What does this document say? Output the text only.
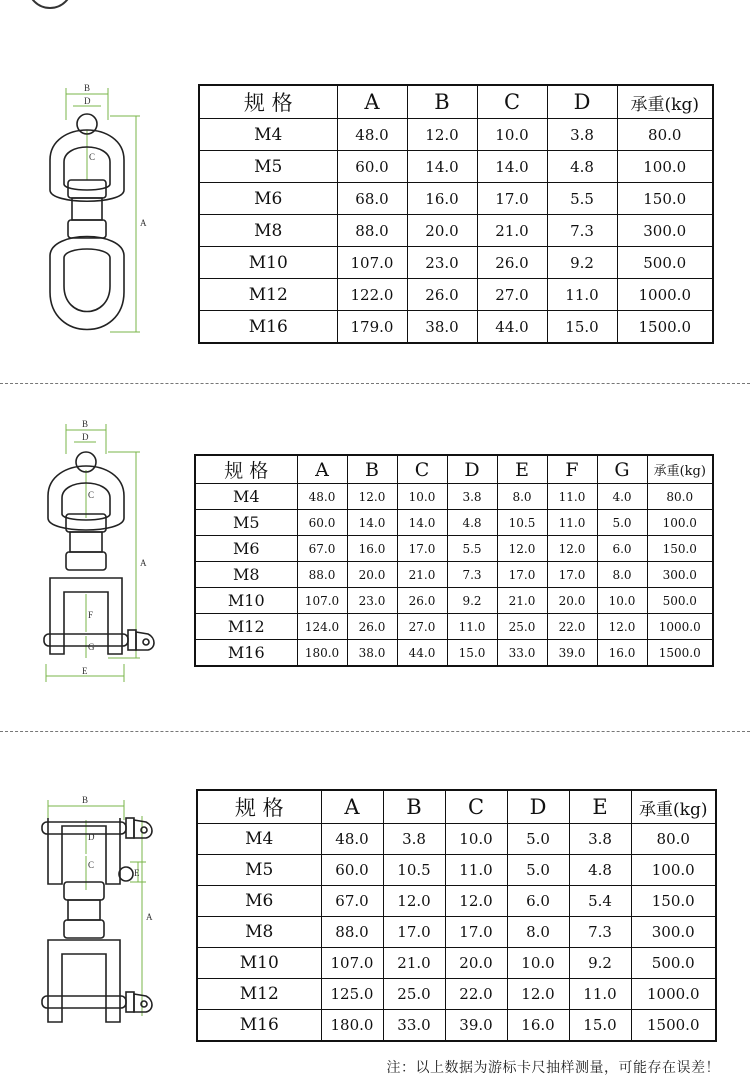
B
D
C
A
规 格	A	B	C	D	承重(kg)
M4	48.0	12.0	10.0	3.8	80.0
M5	60.0	14.0	14.0	4.8	100.0
M6	68.0	16.0	17.0	5.5	150.0
M8	88.0	20.0	21.0	7.3	300.0
M10	107.0	23.0	26.0	9.2	500.0
M12	122.0	26.0	27.0	11.0	1000.0
M16	179.0	38.0	44.0	15.0	1500.0
B
D
C
A
F
G
E
规 格	A	B	C	D	E	F	G	承重(kg)
M4	48.0	12.0	10.0	3.8	8.0	11.0	4.0	80.0
M5	60.0	14.0	14.0	4.8	10.5	11.0	5.0	100.0
M6	67.0	16.0	17.0	5.5	12.0	12.0	6.0	150.0
M8	88.0	20.0	21.0	7.3	17.0	17.0	8.0	300.0
M10	107.0	23.0	26.0	9.2	21.0	20.0	10.0	500.0
M12	124.0	26.0	27.0	11.0	25.0	22.0	12.0	1000.0
M16	180.0	38.0	44.0	15.0	33.0	39.0	16.0	1500.0
B
D
C
E
A
规 格	A	B	C	D	E	承重(kg)
M4	48.0	3.8	10.0	5.0	3.8	80.0
M5	60.0	10.5	11.0	5.0	4.8	100.0
M6	67.0	12.0	12.0	6.0	5.4	150.0
M8	88.0	17.0	17.0	8.0	7.3	300.0
M10	107.0	21.0	20.0	10.0	9.2	500.0
M12	125.0	25.0	22.0	12.0	11.0	1000.0
M16	180.0	33.0	39.0	16.0	15.0	1500.0
注：以上数据为游标卡尺抽样测量，可能存在误差！
